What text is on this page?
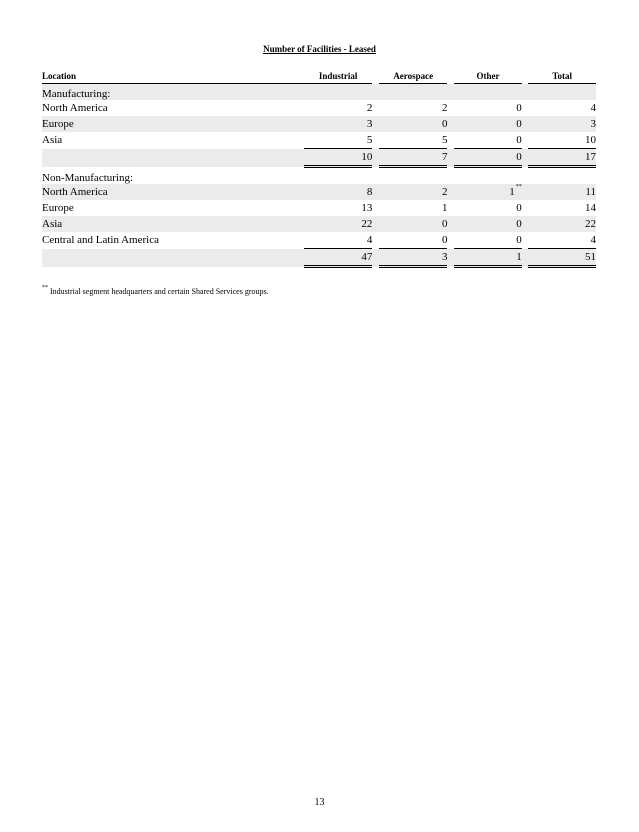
Number of Facilities - Leased
Location	Industrial		Aerospace		Other		Total
Manufacturing:							
North America	2		2		0		4
Europe	3		0		0		3
Asia	5		5		0		10
	10		7		0		17
Non-Manufacturing:							
North America	8		2		1**		11
Europe	13		1		0		14
Asia	22		0		0		22
Central and Latin America	4		0		0		4
	47		3		1		51
** Industrial segment headquarters and certain Shared Services groups.
13
